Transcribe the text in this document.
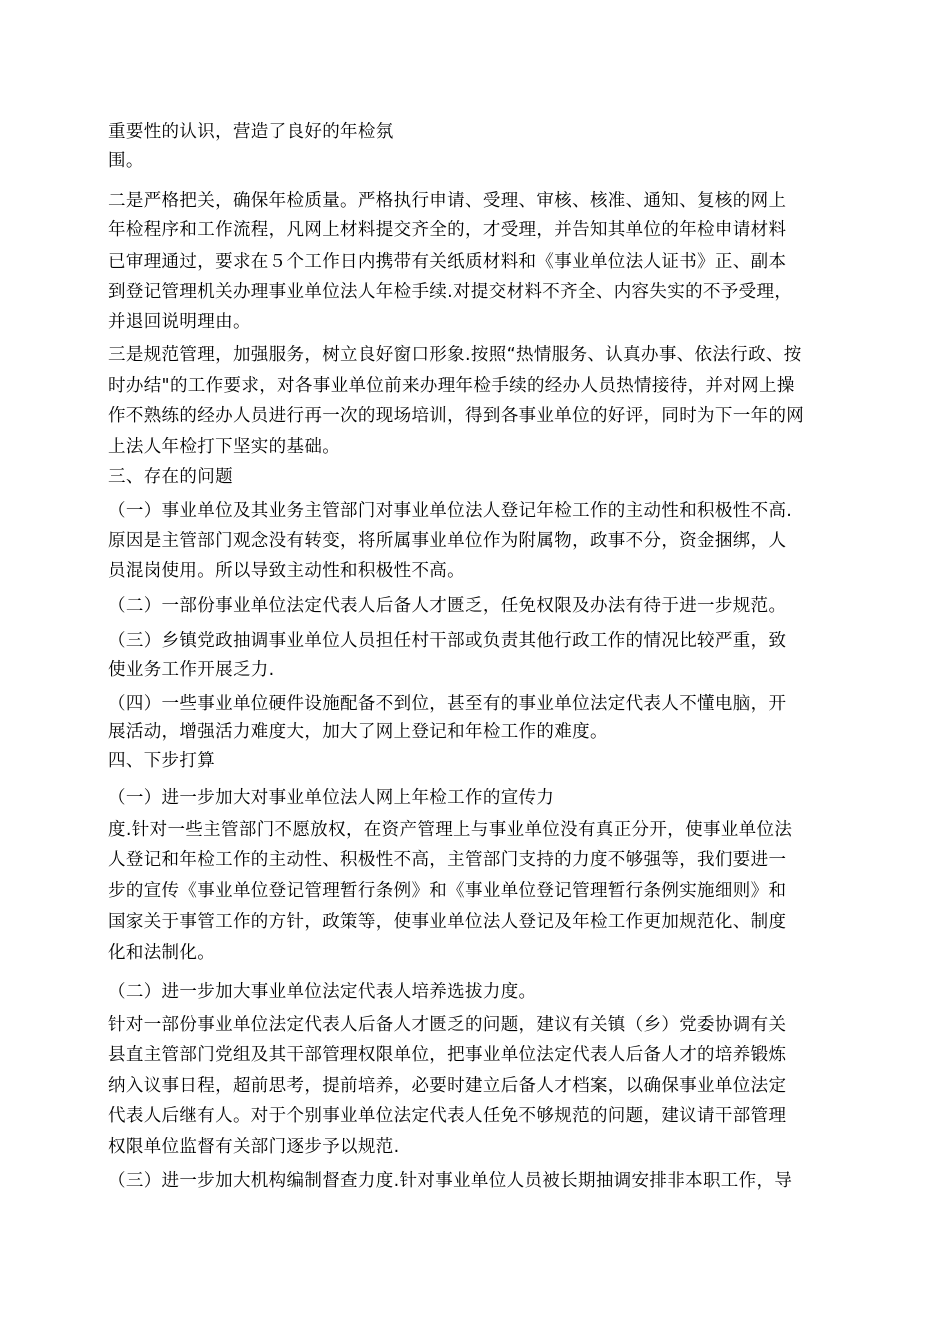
重要性的认识，营造了良好的年检氛
围。
二是严格把关，确保年检质量。严格执行申请、受理、审核、核准、通知、复核的网上
年检程序和工作流程，凡网上材料提交齐全的，才受理，并告知其单位的年检申请材料
已审理通过，要求在５个工作日内携带有关纸质材料和《事业单位法人证书》正、副本
到登记管理机关办理事业单位法人年检手续.对提交材料不齐全、内容失实的不予受理，
并退回说明理由。
三是规范管理，加强服务，树立良好窗口形象.按照“热情服务、认真办事、依法行政、按
时办结"的工作要求，对各事业单位前来办理年检手续的经办人员热情接待，并对网上操
作不熟练的经办人员进行再一次的现场培训，得到各事业单位的好评，同时为下一年的网
上法人年检打下坚实的基础。
三、存在的问题
（一）事业单位及其业务主管部门对事业单位法人登记年检工作的主动性和积极性不高.
原因是主管部门观念没有转变，将所属事业单位作为附属物，政事不分，资金捆绑，人
员混岗使用。所以导致主动性和积极性不高。
（二）一部份事业单位法定代表人后备人才匮乏，任免权限及办法有待于进一步规范。
（三）乡镇党政抽调事业单位人员担任村干部或负责其他行政工作的情况比较严重，致
使业务工作开展乏力.
（四）一些事业单位硬件设施配备不到位，甚至有的事业单位法定代表人不懂电脑，开
展活动，增强活力难度大，加大了网上登记和年检工作的难度。
四、下步打算
（一）进一步加大对事业单位法人网上年检工作的宣传力
度.针对一些主管部门不愿放权，在资产管理上与事业单位没有真正分开，使事业单位法
人登记和年检工作的主动性、积极性不高，主管部门支持的力度不够强等，我们要进一
步的宣传《事业单位登记管理暂行条例》和《事业单位登记管理暂行条例实施细则》和
国家关于事管工作的方针，政策等，使事业单位法人登记及年检工作更加规范化、制度
化和法制化。
（二）进一步加大事业单位法定代表人培养选拔力度。
针对一部份事业单位法定代表人后备人才匮乏的问题，建议有关镇（乡）党委协调有关
县直主管部门党组及其干部管理权限单位，把事业单位法定代表人后备人才的培养锻炼
纳入议事日程，超前思考，提前培养，必要时建立后备人才档案，以确保事业单位法定
代表人后继有人。对于个别事业单位法定代表人任免不够规范的问题，建议请干部管理
权限单位监督有关部门逐步予以规范.
（三）进一步加大机构编制督查力度.针对事业单位人员被长期抽调安排非本职工作，导
